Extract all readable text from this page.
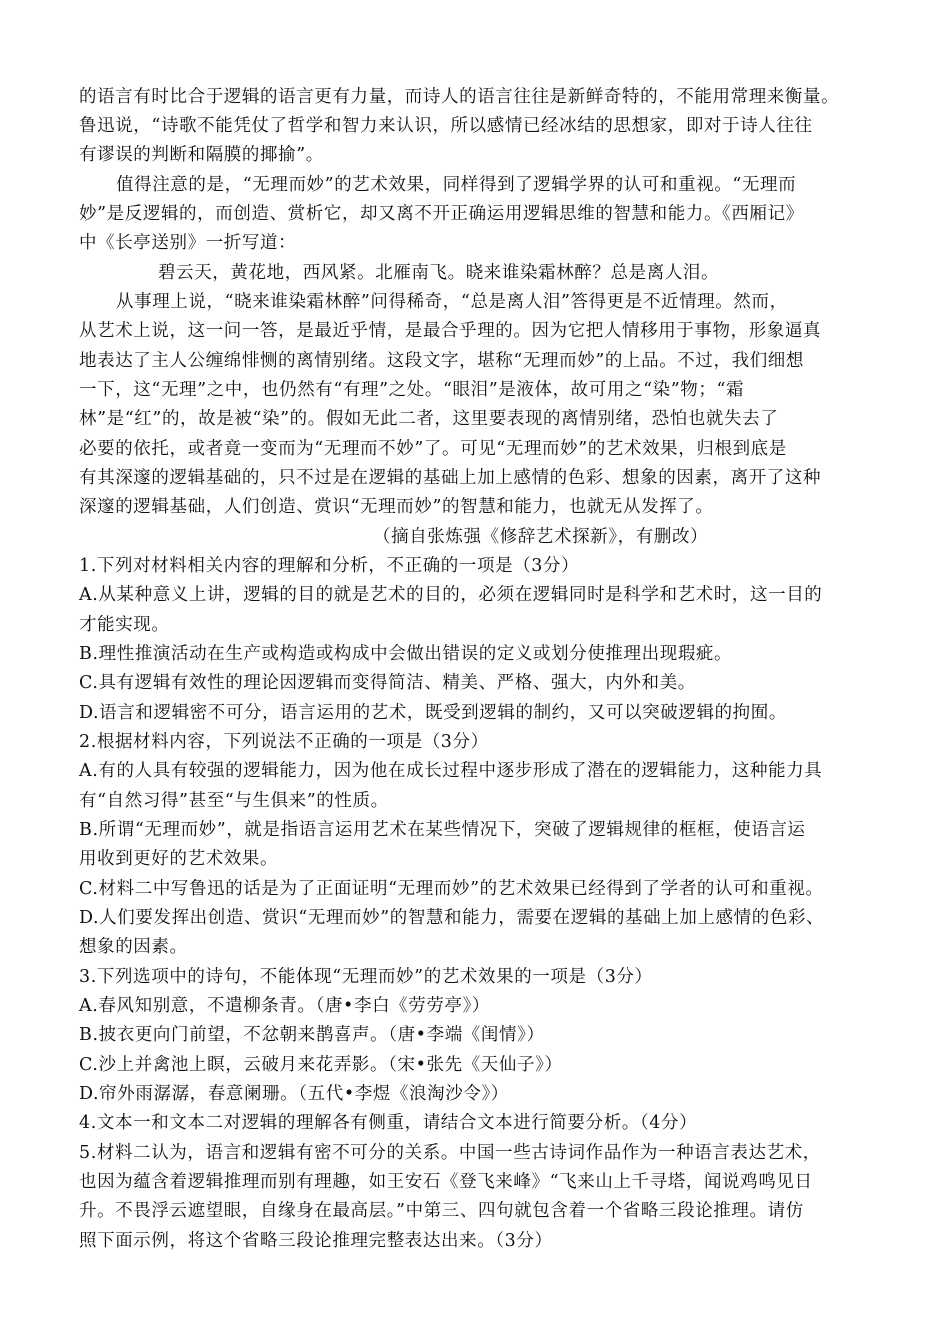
的语言有时比合于逻辑的语言更有力量，而诗人的语言往往是新鲜奇特的，不能用常理来衡量。
鲁迅说，“诗歌不能凭仗了哲学和智力来认识，所以感情已经冰结的思想家，即对于诗人往往
有谬误的判断和隔膜的揶揄”。
值得注意的是，“无理而妙”的艺术效果，同样得到了逻辑学界的认可和重视。“无理而
妙”是反逻辑的，而创造、赏析它，却又离不开正确运用逻辑思维的智慧和能力。《西厢记》
中《长亭送别》一折写道：
碧云天，黄花地，西风紧。北雁南飞。晓来谁染霜林醉？总是离人泪。
从事理上说，“晓来谁染霜林醉”问得稀奇，“总是离人泪”答得更是不近情理。然而，
从艺术上说，这一问一答，是最近乎情，是最合乎理的。因为它把人情移用于事物，形象逼真
地表达了主人公缠绵悱恻的离情别绪。这段文字，堪称“无理而妙”的上品。不过，我们细想
一下，这“无理”之中，也仍然有“有理”之处。“眼泪”是液体，故可用之“染”物；“霜
林”是“红”的，故是被“染”的。假如无此二者，这里要表现的离情别绪，恐怕也就失去了
必要的依托，或者竟一变而为“无理而不妙”了。可见“无理而妙”的艺术效果，归根到底是
有其深邃的逻辑基础的，只不过是在逻辑的基础上加上感情的色彩、想象的因素，离开了这种
深邃的逻辑基础，人们创造、赏识“无理而妙”的智慧和能力，也就无从发挥了。
（摘自张炼强《修辞艺术探新》，有删改）
1.下列对材料相关内容的理解和分析，不正确的一项是（3分）
A.从某种意义上讲，逻辑的目的就是艺术的目的，必须在逻辑同时是科学和艺术时，这一目的
才能实现。
B.理性推演活动在生产或构造或构成中会做出错误的定义或划分使推理出现瑕疵。
C.具有逻辑有效性的理论因逻辑而变得简洁、精美、严格、强大，内外和美。
D.语言和逻辑密不可分，语言运用的艺术，既受到逻辑的制约，又可以突破逻辑的拘囿。
2.根据材料内容，下列说法不正确的一项是（3分）
A.有的人具有较强的逻辑能力，因为他在成长过程中逐步形成了潜在的逻辑能力，这种能力具
有“自然习得”甚至“与生俱来”的性质。
B.所谓“无理而妙”，就是指语言运用艺术在某些情况下，突破了逻辑规律的框框，使语言运
用收到更好的艺术效果。
C.材料二中写鲁迅的话是为了正面证明“无理而妙”的艺术效果已经得到了学者的认可和重视。
D.人们要发挥出创造、赏识“无理而妙”的智慧和能力，需要在逻辑的基础上加上感情的色彩、
想象的因素。
3.下列选项中的诗句，不能体现“无理而妙”的艺术效果的一项是（3分）
A.春风知别意，不遣柳条青。（唐•李白《劳劳亭》）
B.披衣更向门前望，不忿朝来鹊喜声。（唐•李端《闺情》）
C.沙上并禽池上瞑，云破月来花弄影。（宋•张先《天仙子》）
D.帘外雨潺潺，春意阑珊。（五代•李煜《浪淘沙令》）
4.文本一和文本二对逻辑的理解各有侧重，请结合文本进行简要分析。（4分）
5.材料二认为，语言和逻辑有密不可分的关系。中国一些古诗词作品作为一种语言表达艺术，
也因为蕴含着逻辑推理而别有理趣，如王安石《登飞来峰》“飞来山上千寻塔，闻说鸡鸣见日
升。不畏浮云遮望眼，自缘身在最高层。”中第三、四句就包含着一个省略三段论推理。请仿
照下面示例，将这个省略三段论推理完整表达出来。（3分）
